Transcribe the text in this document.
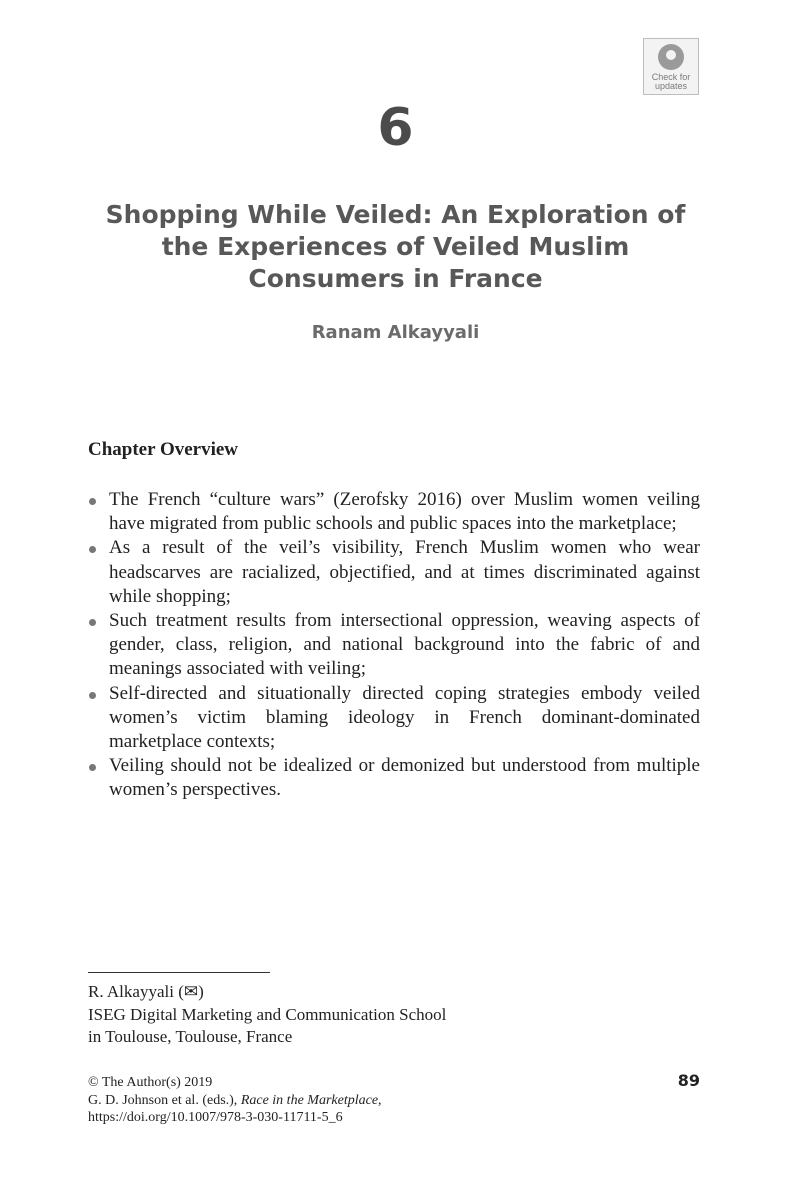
Check for
updates
6
Shopping While Veiled: An Exploration of the Experiences of Veiled Muslim Consumers in France
Ranam Alkayyali
Chapter Overview
The French “culture wars” (Zerofsky 2016) over Muslim women veiling have migrated from public schools and public spaces into the marketplace;
As a result of the veil’s visibility, French Muslim women who wear headscarves are racialized, objectified, and at times discriminated against while shopping;
Such treatment results from intersectional oppression, weaving aspects of gender, class, religion, and national background into the fabric of and meanings associated with veiling;
Self-directed and situationally directed coping strategies embody veiled women’s victim blaming ideology in French dominant-dominated marketplace contexts;
Veiling should not be idealized or demonized but understood from multiple women’s perspectives.
R. Alkayyali (✉)
ISEG Digital Marketing and Communication School
in Toulouse, Toulouse, France
© The Author(s) 2019
G. D. Johnson et al. (eds.), Race in the Marketplace,
https://doi.org/10.1007/978-3-030-11711-5_6
89
